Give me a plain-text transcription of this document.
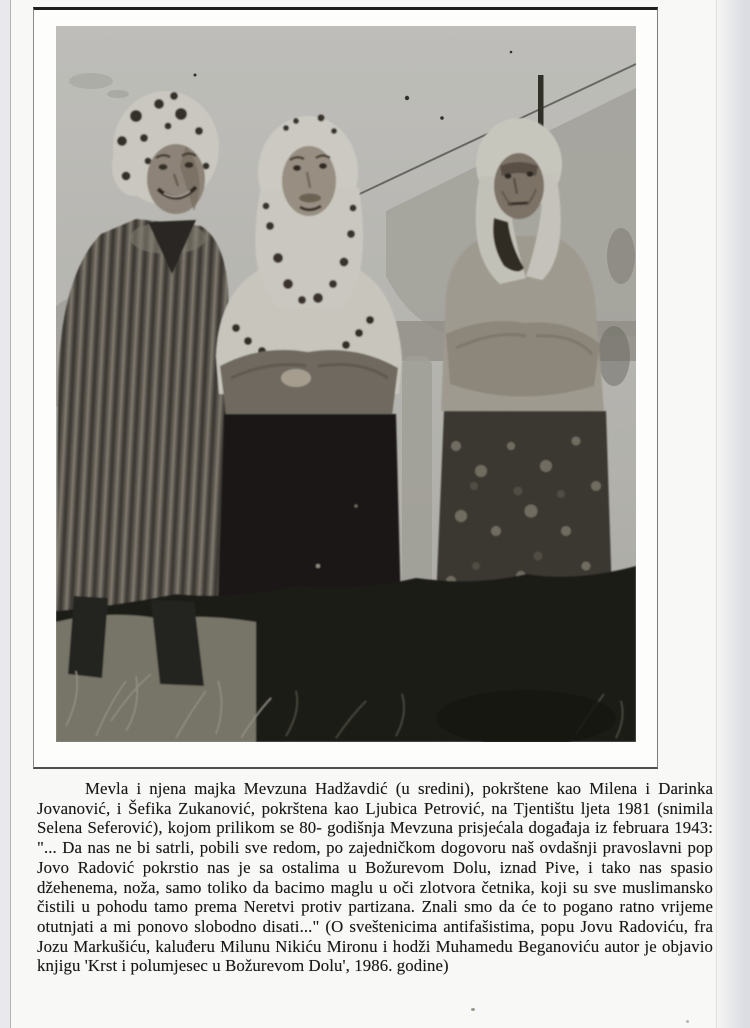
Mevla i njena majka Mevzuna Hadžavdić (u sredini), pokrštene kao Milena i Darinka Jovanović, i Šefika Zukanović, pokrštena kao Ljubica Petrović, na Tjentištu ljeta 1981 (snimila Selena Seferović), kojom prilikom se 80- godišnja Mevzuna prisjećala događaja iz februara 1943: "... Da nas ne bi satrli, pobili sve redom, po zajedničkom dogovoru naš ovdašnji pravoslavni pop Jovo Radović pokrstio nas je sa ostalima u Božurevom Dolu, iznad Pive, i tako nas spasio džehenema, noža, samo toliko da bacimo maglu u oči zlotvora četnika, koji su sve muslimansko čistili u pohodu tamo prema Neretvi protiv partizana. Znali smo da će to pogano ratno vrijeme otutnjati a mi ponovo slobodno disati..." (O sveštenicima antifašistima, popu Jovu Radoviću, fra Jozu Markušiću, kaluđeru Milunu Nikiću Mironu i hodži Muhamedu Beganoviću autor je objavio knjigu 'Krst i polumjesec u Božurevom Dolu', 1986. godine)
